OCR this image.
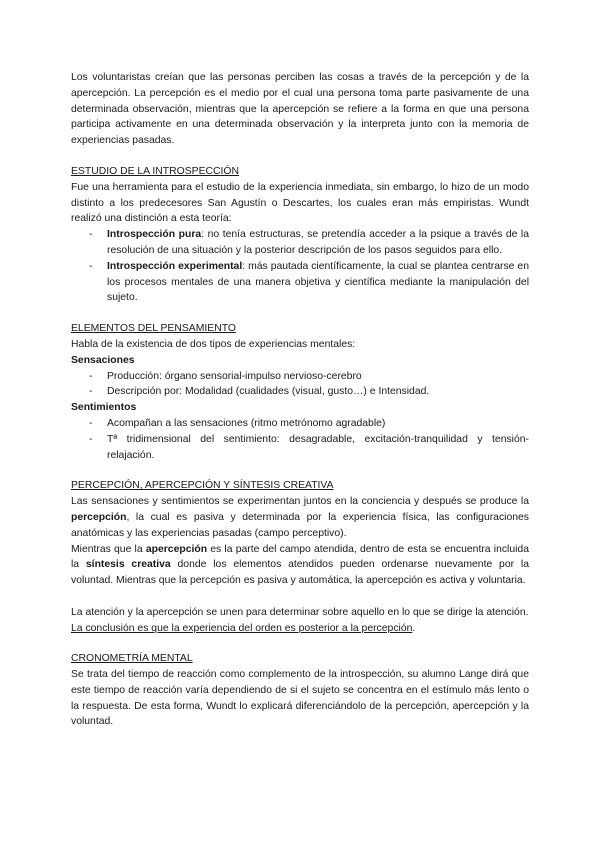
Los voluntaristas creían que las personas perciben las cosas a través de la percepción y de la apercepción. La percepción es el medio por el cual una persona toma parte pasivamente de una determinada observación, mientras que la apercepción se refiere a la forma en que una persona participa activamente en una determinada observación y la interpreta junto con la memoria de experiencias pasadas.

ESTUDIO DE LA INTROSPECCIÓN

Fue una herramienta para el estudio de la experiencia inmediata, sin embargo, lo hizo de un modo distinto a los predecesores San Agustín o Descartes, los cuales eran más empiristas. Wundt realizó una distinción a esta teoría:

- Introspección pura: no tenía estructuras, se pretendía acceder a la psique a través de la resolución de una situación y la posterior descripción de los pasos seguidos para ello.
- Introspección experimental: más pautada científicamente, la cual se plantea centrarse en los procesos mentales de una manera objetiva y científica mediante la manipulación del sujeto.

ELEMENTOS DEL PENSAMIENTO

Habla de la existencia de dos tipos de experiencias mentales:

Sensaciones

- Producción: órgano sensorial-impulso nervioso-cerebro
- Descripción por: Modalidad (cualidades (visual, gusto…) e Intensidad.

Sentimientos

- Acompañan a las sensaciones (ritmo metrónomo agradable)
- Tª tridimensional del sentimiento: desagradable, excitación-tranquilidad y tensión-relajación.

PERCEPCIÓN, APERCEPCIÓN Y SÍNTESIS CREATIVA

Las sensaciones y sentimientos se experimentan juntos en la conciencia y después se produce la percepción, la cual es pasiva y determinada por la experiencia física, las configuraciones anatómicas y las experiencias pasadas (campo perceptivo).

Mientras que la apercepción es la parte del campo atendida, dentro de esta se encuentra incluida la síntesis creativa donde los elementos atendidos pueden ordenarse nuevamente por la voluntad. Mientras que la percepción es pasiva y automática, la apercepción es activa y voluntaria.

La atención y la apercepción se unen para determinar sobre aquello en lo que se dirige la atención.

La conclusión es que la experiencia del orden es posterior a la percepción.

CRONOMETRÍA MENTAL

Se trata del tiempo de reacción como complemento de la introspección, su alumno Lange dirá que este tiempo de reacción varía dependiendo de si el sujeto se concentra en el estímulo más lento o la respuesta. De esta forma, Wundt lo explicará diferenciándolo de la percepción, apercepción y la voluntad.
